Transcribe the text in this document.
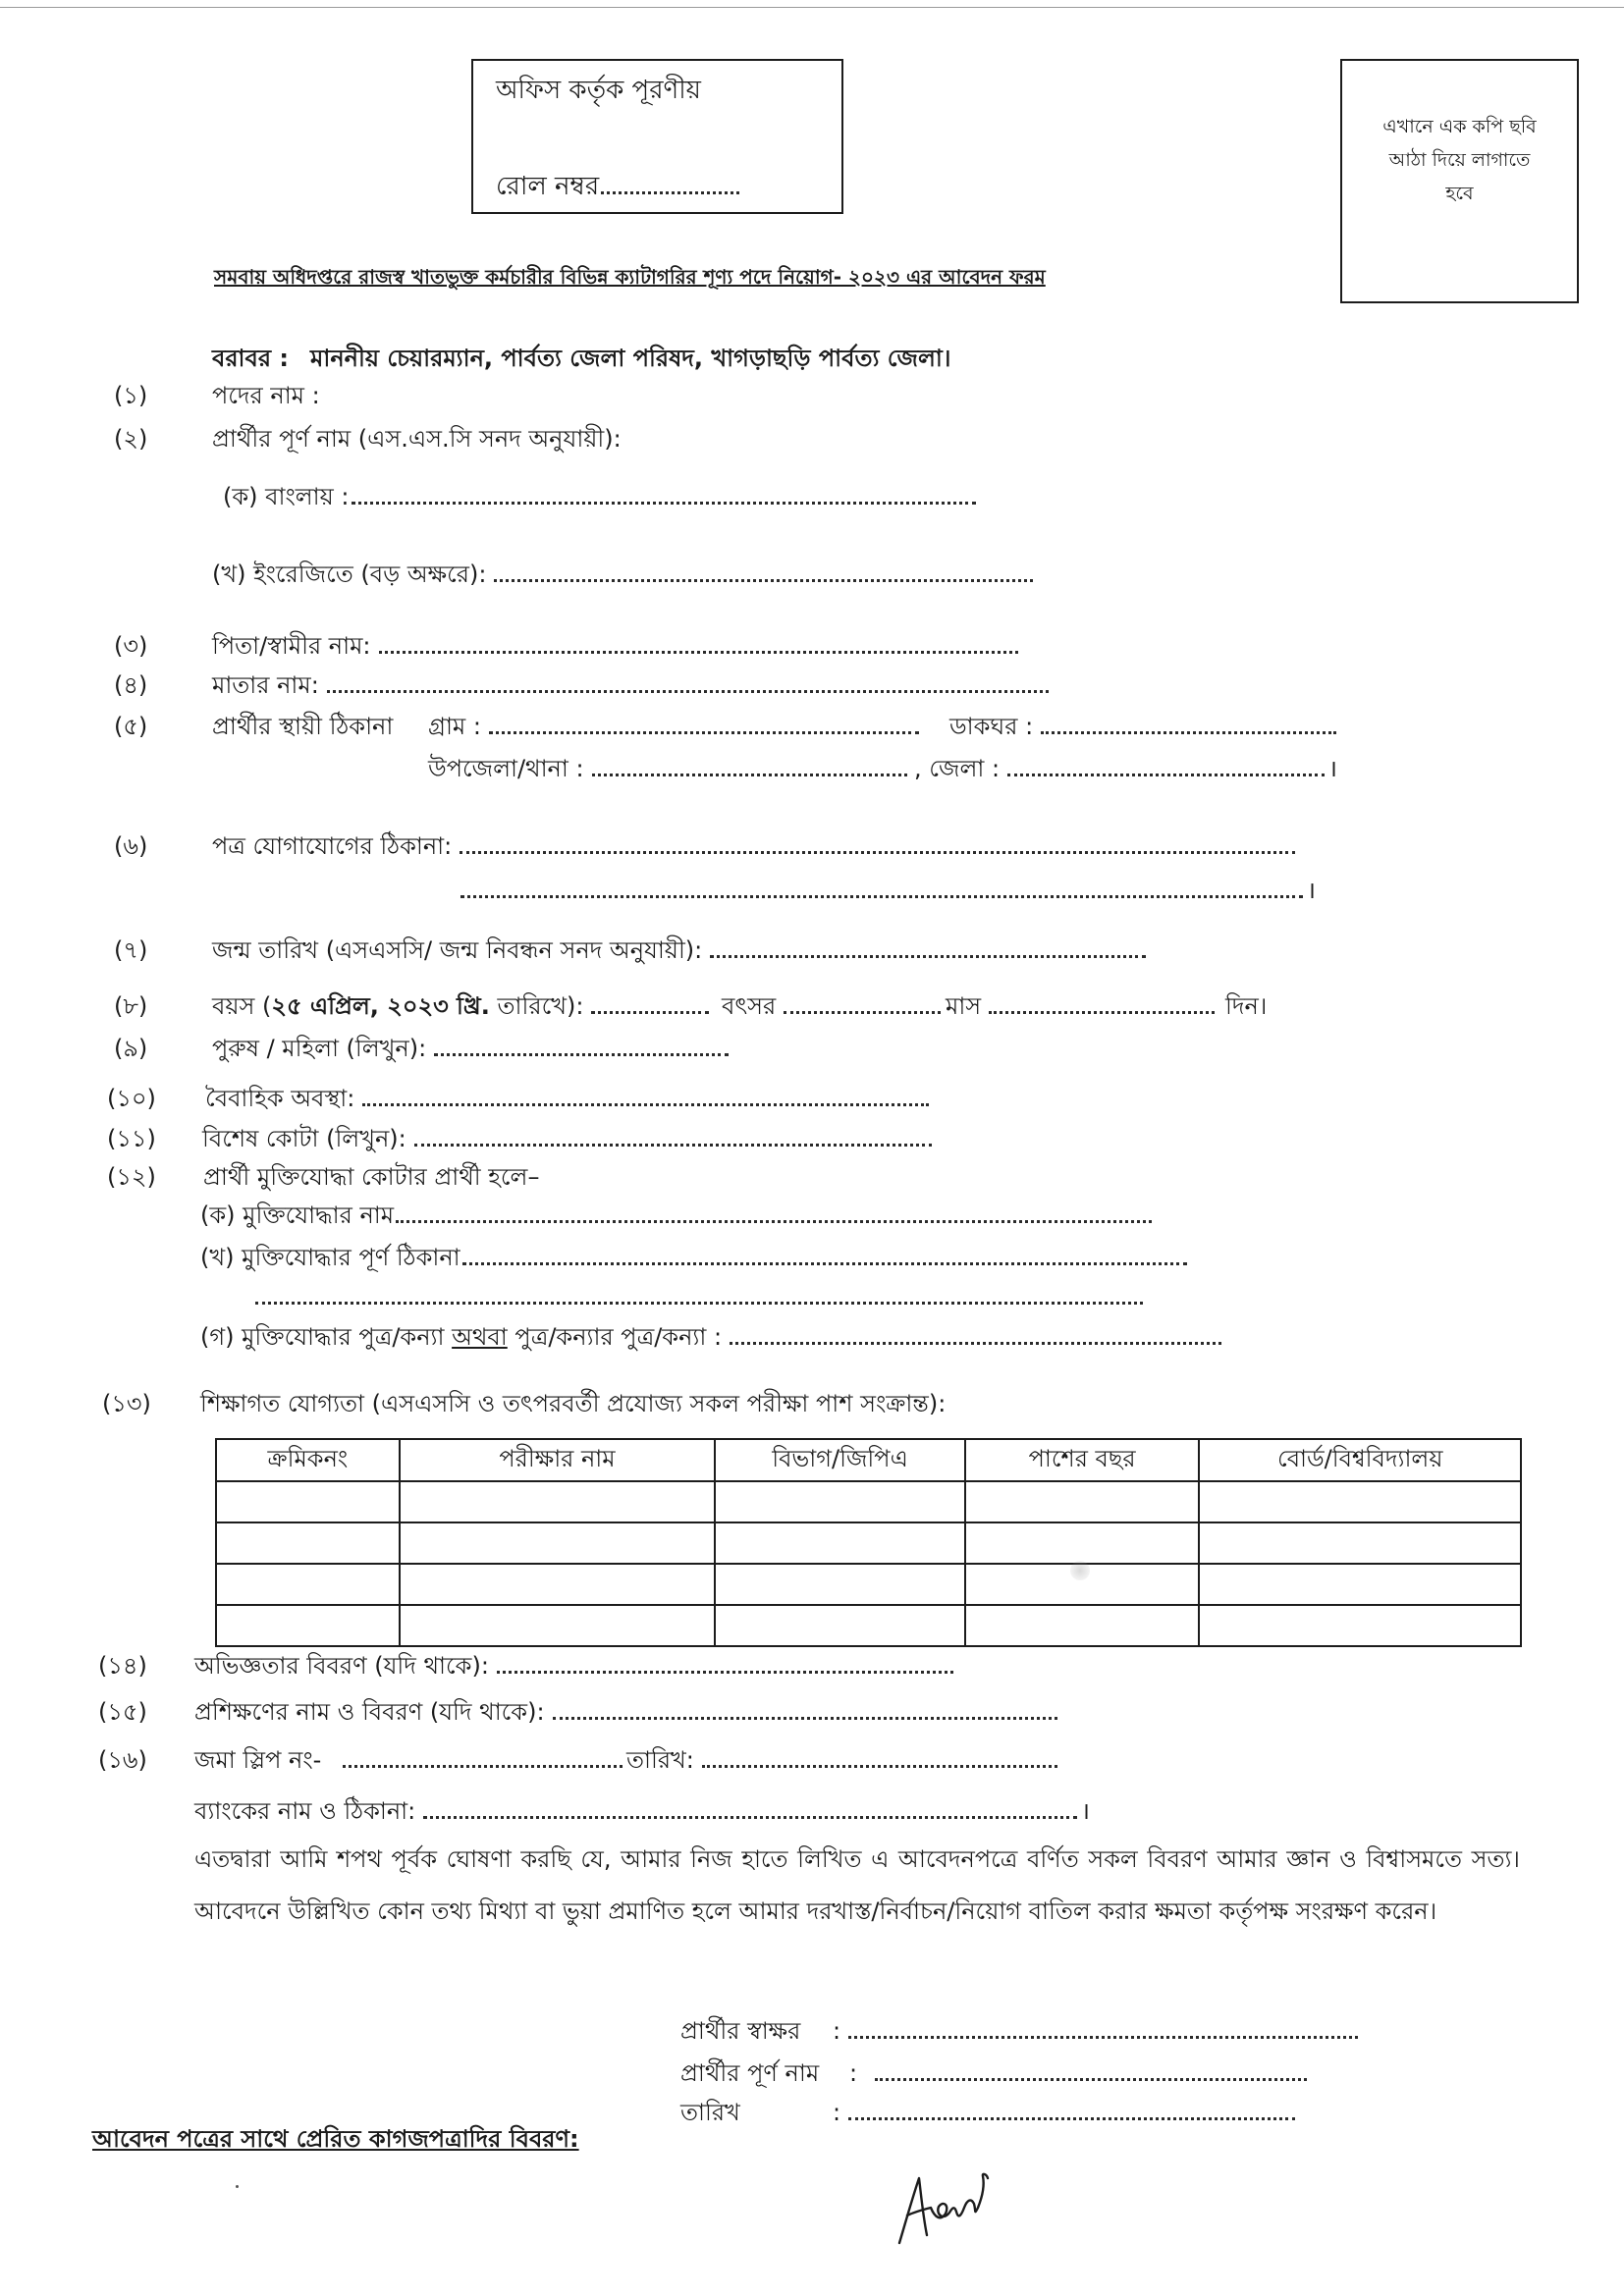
অফিস কর্তৃক পূরণীয়
​ রোল নম্বর
এখানে এক কপি ছবি
আঠা দিয়ে লাগাতে
হবে
সমবায় অধিদপ্তরে রাজস্ব খাতভুক্ত কর্মচারীর বিভিন্ন ক্যাটাগরির শূণ্য পদে নিয়োগ- ২০২৩ এর আবেদন ফরম
​ বরাবর : মাননীয় চেয়ারম্যান, পার্বত্য জেলা পরিষদ, খাগড়াছড়ি পার্বত্য জেলা।
(১)	​ পদের নাম :
(২)	​ প্রার্থীর পূর্ণ নাম (এস.এস.সি সনদ অনুযায়ী):
​ (ক) বাংলায় :
​ (খ) ইংরেজিতে (বড় অক্ষরে):
(৩)	​ পিতা/স্বামীর নাম:
(৪)	​ মাতার নাম:
(৫)	​ প্রার্থীর স্থায়ী ঠিকানা ​ গ্রাম :	​ ডাকঘর :
​ উপজেলা/থানা :	​ , জেলা :	।
(৬)	​ পত্র যোগাযোগের ঠিকানা:
​ ।
(৭)	​ জন্ম তারিখ (এসএসসি/ জন্ম নিবন্ধন সনদ অনুযায়ী):
(৮)	​ বয়স (২৫ এপ্রিল, ২০২৩ খ্রি. তারিখে):	​ বৎসর	​ মাস	দিন।
(৯)	​ পুরুষ / মহিলা (লিখুন):
(১০) ​ বৈবাহিক অবস্থা:
(১১) ​ বিশেষ কোটা (লিখুন):
(১২) ​ প্রার্থী মুক্তিযোদ্ধা কোটার প্রার্থী হলে–
​ (ক) মুক্তিযোদ্ধার নাম
​ (খ) মুক্তিযোদ্ধার পূর্ণ ঠিকানা
​
​ (গ) মুক্তিযোদ্ধার পুত্র/কন্যা অথবা পুত্র/কন্যার পুত্র/কন্যা :
(১৩) ​ শিক্ষাগত যোগ্যতা (এসএসসি ও তৎপরবর্তী প্রযোজ্য সকল পরীক্ষা পাশ সংক্রান্ত):
ক্রমিকনং	পরীক্ষার নাম	বিভাগ/জিপিএ	পাশের বছর	বোর্ড/বিশ্ববিদ্যালয়

(১৪) ​ অভিজ্ঞতার বিবরণ (যদি থাকে):
(১৫) ​ প্রশিক্ষণের নাম ও বিবরণ (যদি থাকে):
(১৬) ​ জমা স্লিপ নং-	​ তারিখ:
​ ব্যাংকের নাম ও ঠিকানা:	।
এতদ্বারা আমি শপথ পূর্বক ঘোষণা করছি যে, আমার নিজ হাতে লিখিত এ আবেদনপত্রে বর্ণিত সকল বিবরণ আমার জ্ঞান ও বিশ্বাসমতে সত্য। আবেদনে উল্লিখিত কোন তথ্য মিথ্যা বা ভুয়া প্রমাণিত হলে আমার দরখাস্ত/নির্বাচন/নিয়োগ বাতিল করার ক্ষমতা কর্তৃপক্ষ সংরক্ষণ করেন।
​ প্রার্থীর স্বাক্ষর	:
​ প্রার্থীর পূর্ণ নাম	:
​ তারিখ	:
আবেদন পত্রের সাথে প্রেরিত কাগজপত্রাদির বিবরণ:
